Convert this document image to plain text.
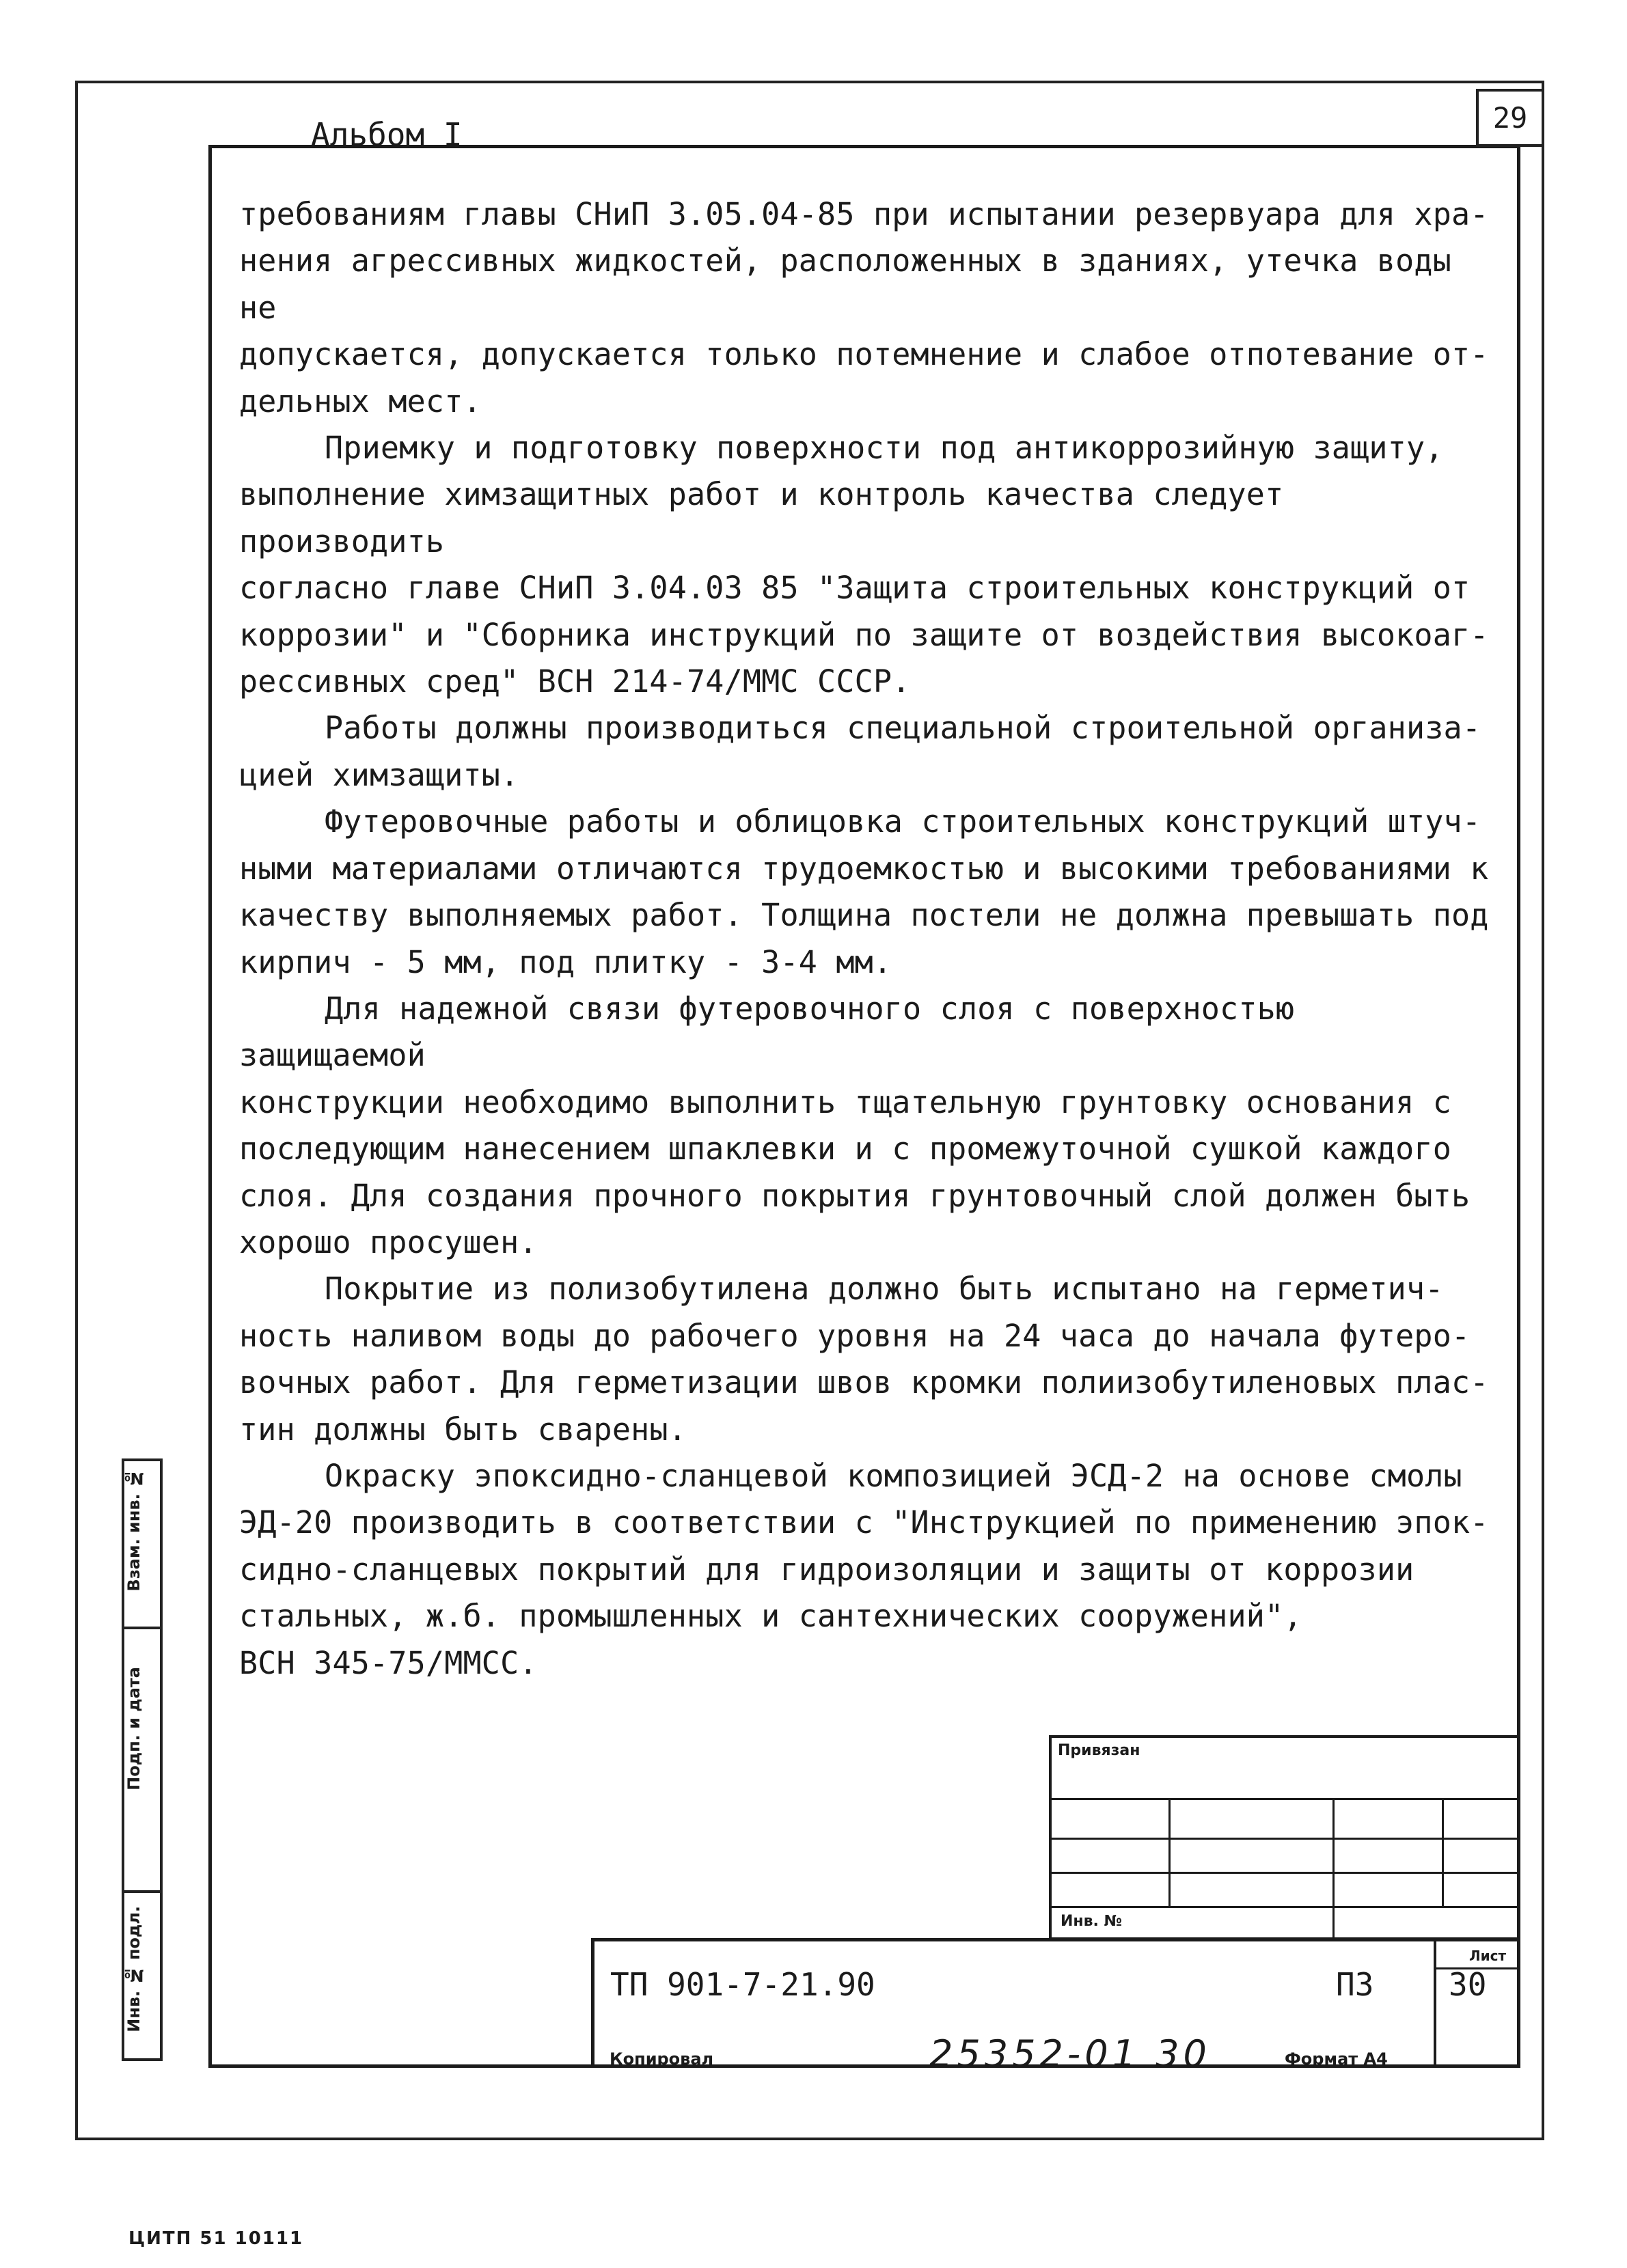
Альбом I	29

требованиям главы СНиП 3.05.04-85 при испытании резервуара для хра-
нения агрессивных жидкостей, расположенных в зданиях, утечка воды не
допускается, допускается только потемнение и слабое отпотевание от-
дельных мест.

Приемку и подготовку поверхности под антикоррозийную защиту,
выполнение химзащитных работ и контроль качества следует производить
согласно главе СНиП 3.04.03 85 "Защита строительных конструкций от
коррозии" и "Сборника инструкций по защите от воздействия высокоаг-
рессивных сред" ВСН 214-74/ММС СССР.

Работы должны производиться специальной строительной организа-
цией химзащиты.

Футеровочные работы и облицовка строительных конструкций штуч-
ными материалами отличаются трудоемкостью и высокими требованиями к
качеству выполняемых работ. Толщина постели не должна превышать под
кирпич - 5 мм, под плитку - 3-4 мм.

Для надежной связи футеровочного слоя с поверхностью защищаемой
конструкции необходимо выполнить тщательную грунтовку основания с
последующим нанесением шпаклевки и с промежуточной сушкой каждого
слоя. Для создания прочного покрытия грунтовочный слой должен быть
хорошо просушен.

Покрытие из полизобутилена должно быть испытано на герметич-
ность наливом воды до рабочего уровня на 24 часа до начала футеро-
вочных работ. Для герметизации швов кромки полиизобутиленовых плас-
тин должны быть сварены.

Окраску эпоксидно-сланцевой композицией ЭСД-2 на основе смолы
ЭД-20 производить в соответствии с "Инструкцией по применению эпок-
сидно-сланцевых покрытий для гидроизоляции и защиты от коррозии
стальных, ж.б. промышленных и сантехнических сооружений",
ВСН 345-75/ММСС.

Взам. инв. №
Подп. и дата
Инв. № подл.
Привязан
Инв. №
Лист
ТП 901-7-21.90	ПЗ 30
Копировал	25352-01 30	Формат А4
ЦИТП 51 10111
